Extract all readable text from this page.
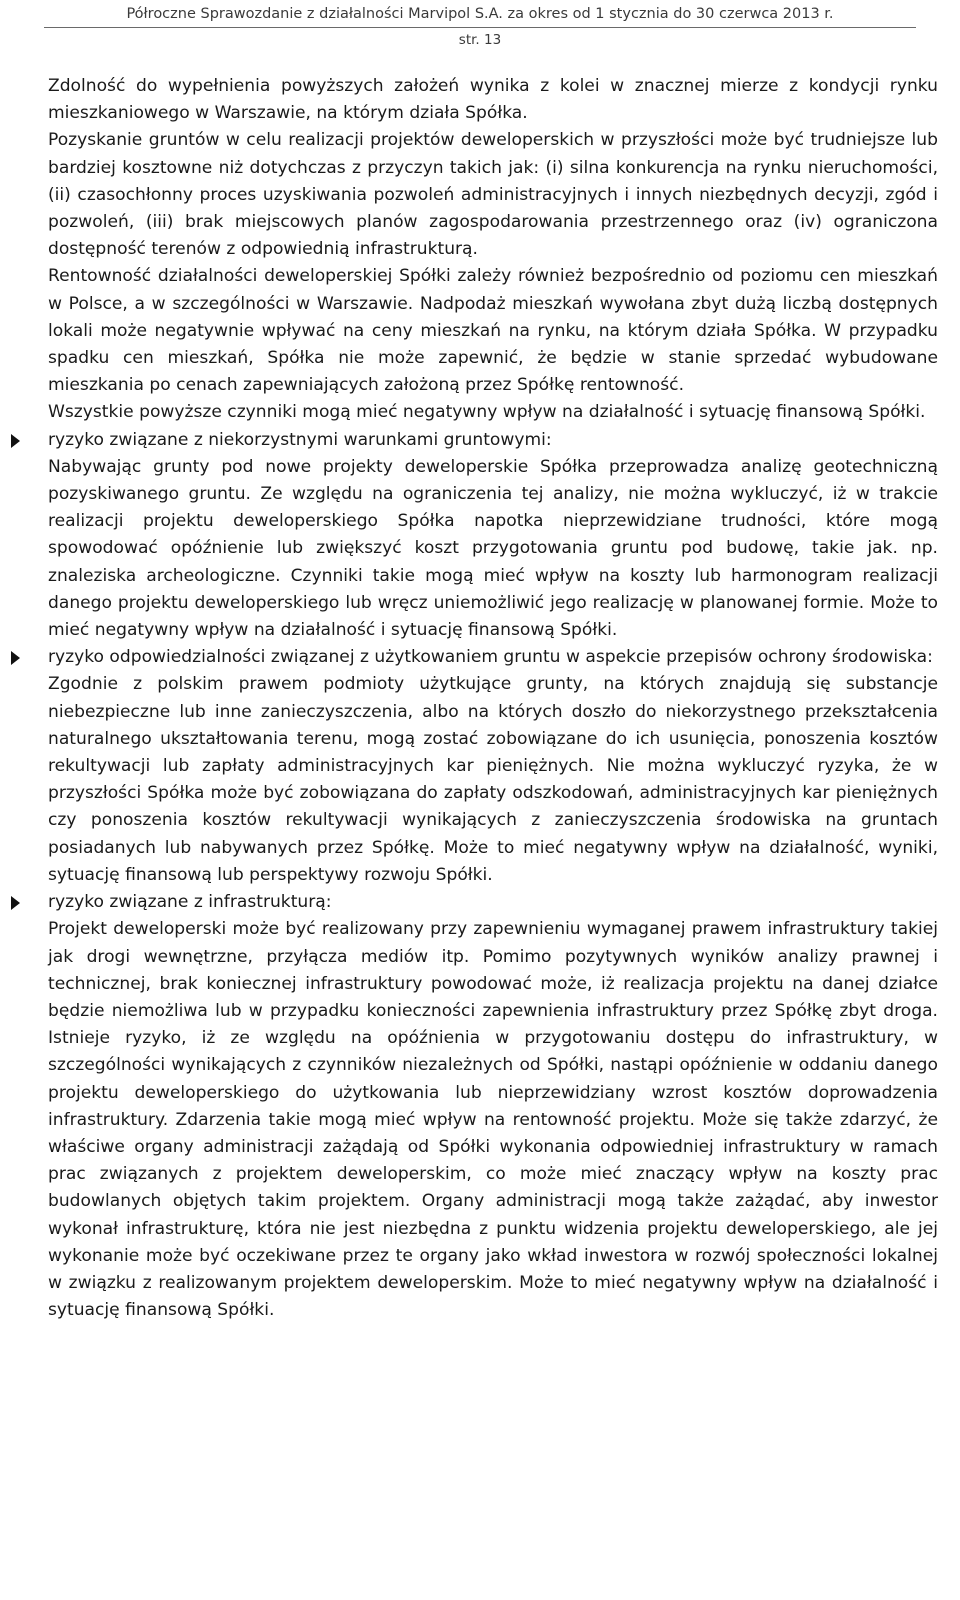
Półroczne Sprawozdanie z działalności Marvipol S.A. za okres od 1 stycznia do 30 czerwca 2013 r.
str. 13

Zdolność do wypełnienia powyższych założeń wynika z kolei w znacznej mierze z kondycji rynku mieszkaniowego w Warszawie, na którym działa Spółka.

Pozyskanie gruntów w celu realizacji projektów deweloperskich w przyszłości może być trudniejsze lub bardziej kosztowne niż dotychczas z przyczyn takich jak: (i) silna konkurencja na rynku nieruchomości, (ii) czasochłonny proces uzyskiwania pozwoleń administracyjnych i innych niezbędnych decyzji, zgód i pozwoleń, (iii) brak miejscowych planów zagospodarowania przestrzennego oraz (iv) ograniczona dostępność terenów z odpowiednią infrastrukturą.

Rentowność działalności deweloperskiej Spółki zależy również bezpośrednio od poziomu cen mieszkań w Polsce, a w szczególności w Warszawie. Nadpodaż mieszkań wywołana zbyt dużą liczbą dostępnych lokali może negatywnie wpływać na ceny mieszkań na rynku, na którym działa Spółka. W przypadku spadku cen mieszkań, Spółka nie może zapewnić, że będzie w stanie sprzedać wybudowane mieszkania po cenach zapewniających założoną przez Spółkę rentowność.

Wszystkie powyższe czynniki mogą mieć negatywny wpływ na działalność i sytuację finansową Spółki.

ryzyko związane z niekorzystnymi warunkami gruntowymi:

Nabywając grunty pod nowe projekty deweloperskie Spółka przeprowadza analizę geotechniczną pozyskiwanego gruntu. Ze względu na ograniczenia tej analizy, nie można wykluczyć, iż w trakcie realizacji projektu deweloperskiego Spółka napotka nieprzewidziane trudności, które mogą spowodować opóźnienie lub zwiększyć koszt przygotowania gruntu pod budowę, takie jak. np. znaleziska archeologiczne. Czynniki takie mogą mieć wpływ na koszty lub harmonogram realizacji danego projektu deweloperskiego lub wręcz uniemożliwić jego realizację w planowanej formie. Może to mieć negatywny wpływ na działalność i sytuację finansową Spółki.

ryzyko odpowiedzialności związanej z użytkowaniem gruntu w aspekcie przepisów ochrony środowiska:

Zgodnie z polskim prawem podmioty użytkujące grunty, na których znajdują się substancje niebezpieczne lub inne zanieczyszczenia, albo na których doszło do niekorzystnego przekształcenia naturalnego ukształtowania terenu, mogą zostać zobowiązane do ich usunięcia, ponoszenia kosztów rekultywacji lub zapłaty administracyjnych kar pieniężnych. Nie można wykluczyć ryzyka, że w przyszłości Spółka może być zobowiązana do zapłaty odszkodowań, administracyjnych kar pieniężnych czy ponoszenia kosztów rekultywacji wynikających z zanieczyszczenia środowiska na gruntach posiadanych lub nabywanych przez Spółkę. Może to mieć negatywny wpływ na działalność, wyniki, sytuację finansową lub perspektywy rozwoju Spółki.

ryzyko związane z infrastrukturą:

Projekt deweloperski może być realizowany przy zapewnieniu wymaganej prawem infrastruktury takiej jak drogi wewnętrzne, przyłącza mediów itp. Pomimo pozytywnych wyników analizy prawnej i technicznej, brak koniecznej infrastruktury powodować może, iż realizacja projektu na danej działce będzie niemożliwa lub w przypadku konieczności zapewnienia infrastruktury przez Spółkę zbyt droga. Istnieje ryzyko, iż ze względu na opóźnienia w przygotowaniu dostępu do infrastruktury, w szczególności wynikających z czynników niezależnych od Spółki, nastąpi opóźnienie w oddaniu danego projektu deweloperskiego do użytkowania lub nieprzewidziany wzrost kosztów doprowadzenia infrastruktury. Zdarzenia takie mogą mieć wpływ na rentowność projektu. Może się także zdarzyć, że właściwe organy administracji zażądają od Spółki wykonania odpowiedniej infrastruktury w ramach prac związanych z projektem deweloperskim, co może mieć znaczący wpływ na koszty prac budowlanych objętych takim projektem. Organy administracji mogą także zażądać, aby inwestor wykonał infrastrukturę, która nie jest niezbędna z punktu widzenia projektu deweloperskiego, ale jej wykonanie może być oczekiwane przez te organy jako wkład inwestora w rozwój społeczności lokalnej w związku z realizowanym projektem deweloperskim. Może to mieć negatywny wpływ na działalność i sytuację finansową Spółki.
